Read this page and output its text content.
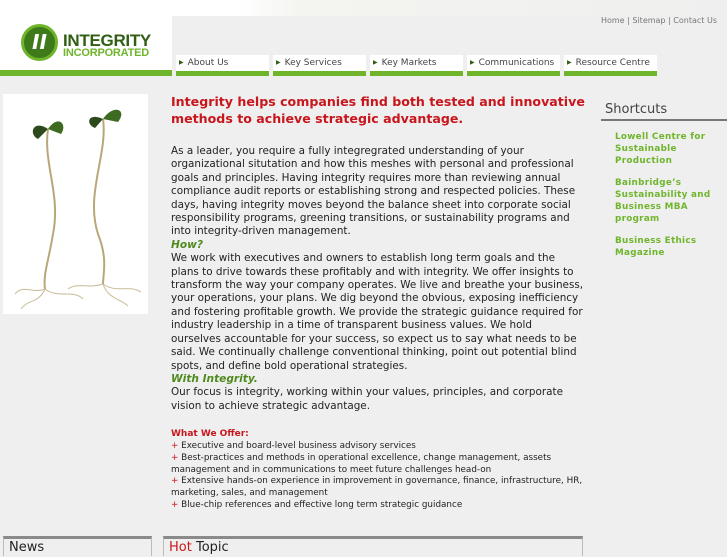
II INTEGRITY
INCORPORATED
Home | Sitemap | Contact Us
▶ About Us	▶ Key Services	▶ Key Markets	▶ Communications	▶ Resource Centre
Integrity helps companies find both tested and innovative methods to achieve strategic advantage.

As a leader, you require a fully integregrated understanding of your organizational situtation and how this meshes with personal and professional goals and principles. Having integrity requires more than reviewing annual compliance audit reports or establishing strong and respected policies. These days, having integrity moves beyond the balance sheet into corporate social responsibility programs, greening transitions, or sustainability programs and into integrity-driven management.

How?

We work with executives and owners to establish long term goals and the plans to drive towards these profitably and with integrity. We offer insights to transform the way your company operates. We live and breathe your business, your operations, your plans. We dig beyond the obvious, exposing inefficiency and fostering profitable growth. We provide the strategic guidance required for industry leadership in a time of transparent business values. We hold ourselves accountable for your success, so expect us to say what needs to be said. We continually challenge conventional thinking, point out potential blind spots, and define bold operational strategies.

With Integrity.

Our focus is integrity, working within your values, principles, and corporate vision to achieve strategic advantage.

What We Offer:
+ Executive and board-level business advisory services
+ Best-practices and methods in operational excellence, change management, assets management and in communications to meet future challenges head-on
+ Extensive hands-on experience in improvement in governance, finance, infrastructure, HR, marketing, sales, and management
+ Blue-chip references and effective long term strategic guidance
Shortcuts
Lowell Centre for Sustainable Production
Bainbridge’s Sustainability and Business MBA program
Business Ethics Magazine
News	Hot Topic
